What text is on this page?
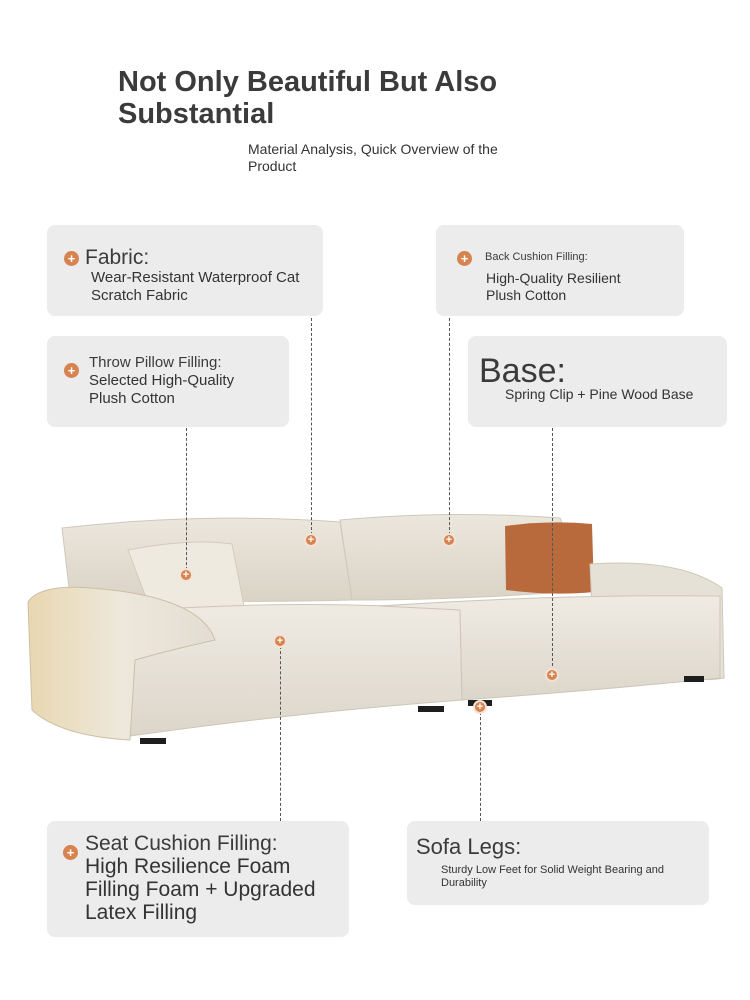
Not Only Beautiful But Also Substantial
Material Analysis, Quick Overview of the Product
+	+
+
+
+
+
+ Fabric:
Wear-Resistant Waterproof Cat Scratch Fabric
+	Back Cushion Filling:
High-Quality Resilient Plush Cotton
+ Throw Pillow Filling:
Selected High-Quality Plush Cotton
Base:
Spring Clip + Pine Wood Base
+ Seat Cushion Filling:
High Resilience Foam Filling Foam + Upgraded Latex Filling
Sofa Legs:
Sturdy Low Feet for Solid Weight Bearing and Durability
